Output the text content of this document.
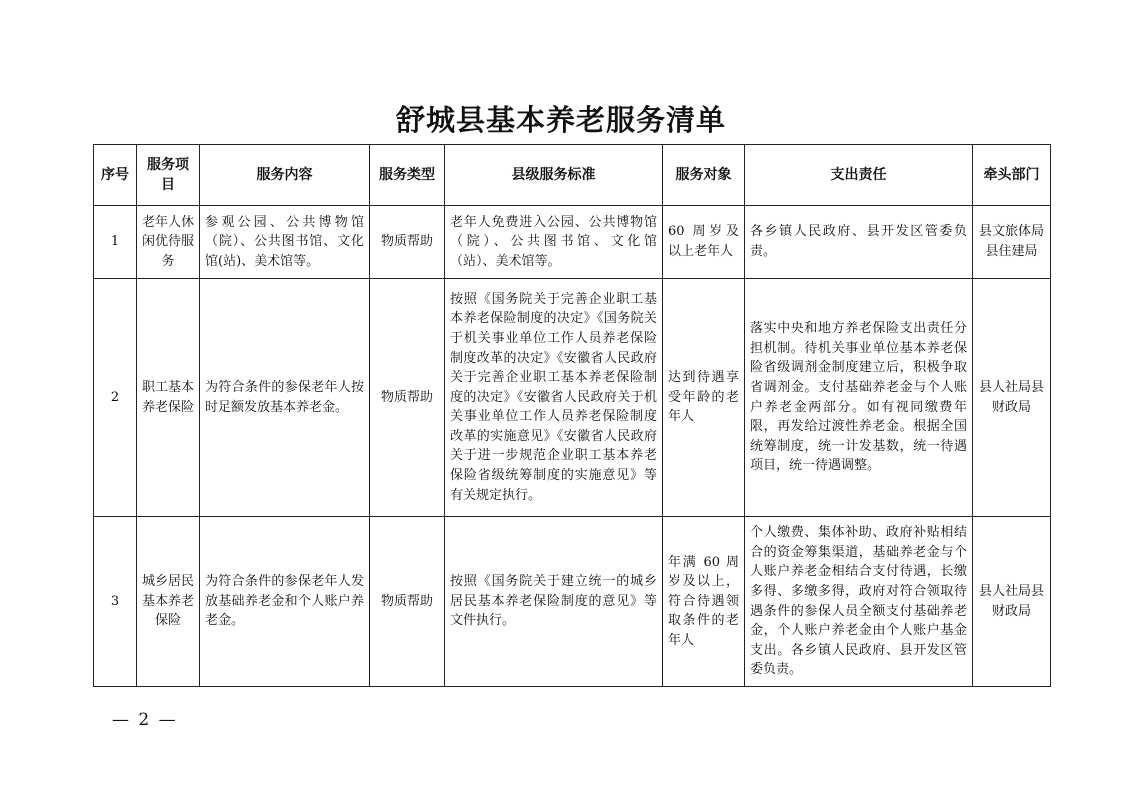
舒城县基本养老服务清单
序号	服务项目	服务内容	服务类型	县级服务标准	服务对象	支出责任	牵头部门
1	老年人休闲优待服务	参观公园、公共博物馆（院）、公共图书馆、文化馆(站)、美术馆等。	物质帮助	老年人免费进入公园、公共博物馆（院）、公共图书馆、文化馆（站）、美术馆等。	60 周岁及以上老年人	各乡镇人民政府、县开发区管委负责。	县文旅体局县住建局
2	职工基本养老保险	为符合条件的参保老年人按时足额发放基本养老金。	物质帮助	按照《国务院关于完善企业职工基本养老保险制度的决定》《国务院关于机关事业单位工作人员养老保险制度改革的决定》《安徽省人民政府关于完善企业职工基本养老保险制度的决定》《安徽省人民政府关于机关事业单位工作人员养老保险制度改革的实施意见》《安徽省人民政府关于进一步规范企业职工基本养老保险省级统筹制度的实施意见》等有关规定执行。	达到待遇享受年龄的老年人	落实中央和地方养老保险支出责任分担机制。待机关事业单位基本养老保险省级调剂金制度建立后，积极争取省调剂金。支付基础养老金与个人账户养老金两部分。如有视同缴费年限，再发给过渡性养老金。根据全国统筹制度，统一计发基数，统一待遇项目，统一待遇调整。	县人社局县财政局
3	城乡居民基本养老保险	为符合条件的参保老年人发放基础养老金和个人账户养老金。	物质帮助	按照《国务院关于建立统一的城乡居民基本养老保险制度的意见》等文件执行。	年满 60 周岁及以上，符合待遇领取条件的老年人	个人缴费、集体补助、政府补贴相结合的资金筹集渠道，基础养老金与个人账户养老金相结合支付待遇，长缴多得、多缴多得，政府对符合领取待遇条件的参保人员全额支付基础养老金，个人账户养老金由个人账户基金支出。各乡镇人民政府、县开发区管委负责。	县人社局县财政局
— 2 —
